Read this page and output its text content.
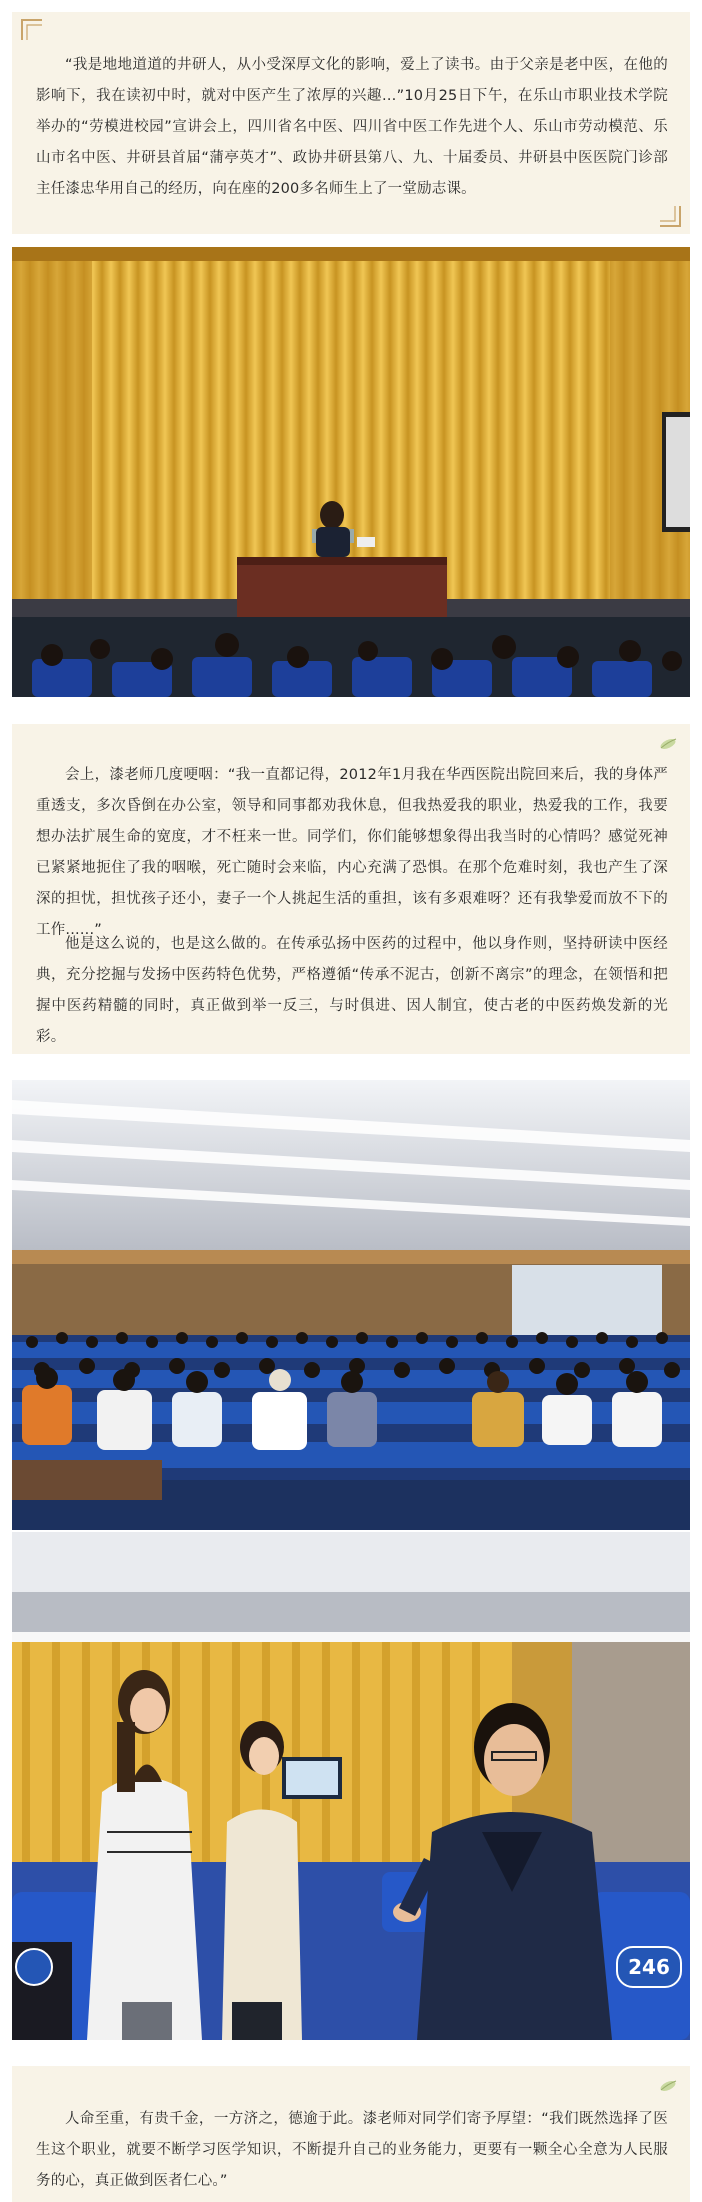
“我是地地道道的井研人，从小受深厚文化的影响，爱上了读书。由于父亲是老中医，在他的影响下，我在读初中时，就对中医产生了浓厚的兴趣…”10月25日下午，在乐山市职业技术学院举办的“劳模进校园”宣讲会上，四川省名中医、四川省中医工作先进个人、乐山市劳动模范、乐山市名中医、井研县首届“蒲亭英才”、政协井研县第八、九、十届委员、井研县中医医院门诊部主任漆忠华用自己的经历，向在座的200多名师生上了一堂励志课。

会上，漆老师几度哽咽：“我一直都记得，2012年1月我在华西医院出院回来后，我的身体严重透支，多次昏倒在办公室，领导和同事都劝我休息，但我热爱我的职业，热爱我的工作，我要想办法扩展生命的宽度，才不枉来一世。同学们，你们能够想象得出我当时的心情吗？感觉死神已紧紧地扼住了我的咽喉，死亡随时会来临，内心充满了恐惧。在那个危难时刻，我也产生了深深的担忧，担忧孩子还小，妻子一个人挑起生活的重担，该有多艰难呀？还有我挚爱而放不下的工作......”

他是这么说的，也是这么做的。在传承弘扬中医药的过程中，他以身作则，坚持研读中医经典，充分挖掘与发扬中医药特色优势，严格遵循“传承不泥古，创新不离宗”的理念，在领悟和把握中医药精髓的同时，真正做到举一反三，与时俱进、因人制宜，使古老的中医药焕发新的光彩。

246

人命至重，有贵千金，一方济之，德逾于此。漆老师对同学们寄予厚望：“我们既然选择了医生这个职业，就要不断学习医学知识，不断提升自己的业务能力，更要有一颗全心全意为人民服务的心，真正做到医者仁心。”
